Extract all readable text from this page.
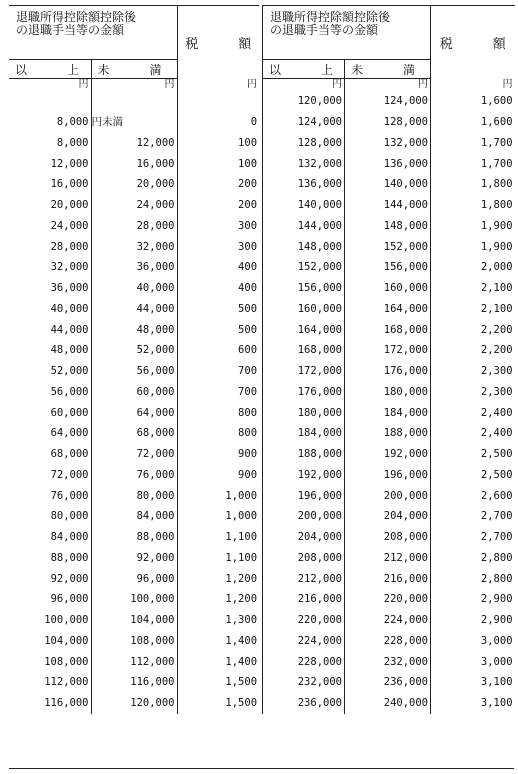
退職所得控除額控除後
の退職手当等の金額		税 額
以 上	未 満	
円	円	円

8,000	円未満	0
8,000	12,000	100
12,000	16,000	100
16,000	20,000	200
20,000	24,000	200
24,000	28,000	300
28,000	32,000	300
32,000	36,000	400
36,000	40,000	400
40,000	44,000	500
44,000	48,000	500
48,000	52,000	600
52,000	56,000	700
56,000	60,000	700
60,000	64,000	800
64,000	68,000	800
68,000	72,000	900
72,000	76,000	900
76,000	80,000	1,000
80,000	84,000	1,000
84,000	88,000	1,100
88,000	92,000	1,100
92,000	96,000	1,200
96,000	100,000	1,200
100,000	104,000	1,300
104,000	108,000	1,400
108,000	112,000	1,400
112,000	116,000	1,500
116,000	120,000	1,500
退職所得控除額控除後
の退職手当等の金額		税 額
以 上	未 満	
円	円	円
120,000	124,000	1,600
124,000	128,000	1,600
128,000	132,000	1,700
132,000	136,000	1,700
136,000	140,000	1,800
140,000	144,000	1,800
144,000	148,000	1,900
148,000	152,000	1,900
152,000	156,000	2,000
156,000	160,000	2,100
160,000	164,000	2,100
164,000	168,000	2,200
168,000	172,000	2,200
172,000	176,000	2,300
176,000	180,000	2,300
180,000	184,000	2,400
184,000	188,000	2,400
188,000	192,000	2,500
192,000	196,000	2,500
196,000	200,000	2,600
200,000	204,000	2,700
204,000	208,000	2,700
208,000	212,000	2,800
212,000	216,000	2,800
216,000	220,000	2,900
220,000	224,000	2,900
224,000	228,000	3,000
228,000	232,000	3,000
232,000	236,000	3,100
236,000	240,000	3,100
